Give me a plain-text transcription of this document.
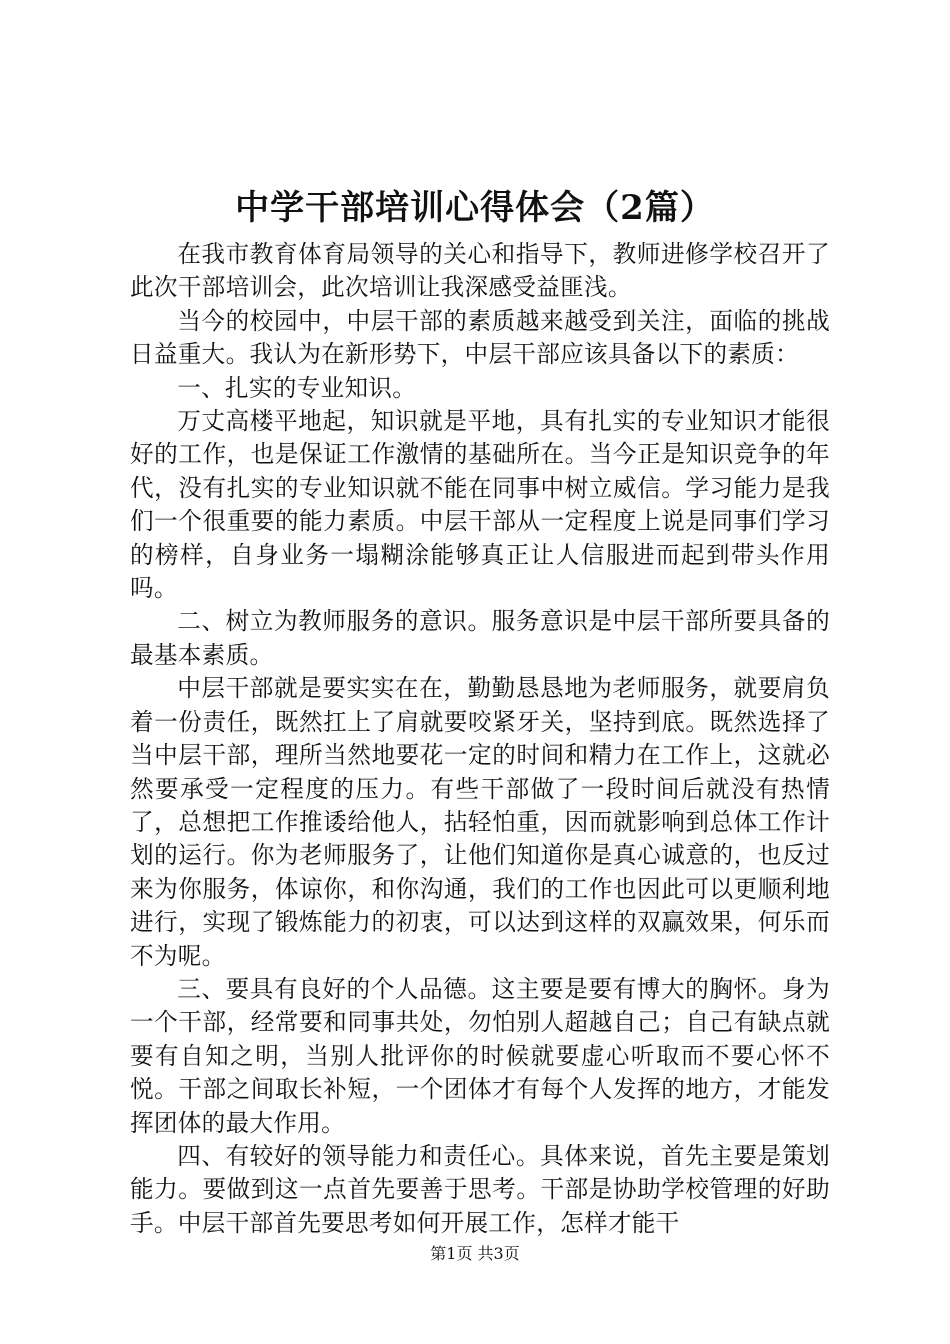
中学干部培训心得体会（2篇）

在我市教育体育局领导的关心和指导下，教师进修学校召开了此次干部培训会，此次培训让我深感受益匪浅。

当今的校园中，中层干部的素质越来越受到关注，面临的挑战日益重大。我认为在新形势下，中层干部应该具备以下的素质：

一、扎实的专业知识。

万丈高楼平地起，知识就是平地，具有扎实的专业知识才能很好的工作，也是保证工作激情的基础所在。当今正是知识竞争的年代，没有扎实的专业知识就不能在同事中树立威信。学习能力是我们一个很重要的能力素质。中层干部从一定程度上说是同事们学习的榜样，自身业务一塌糊涂能够真正让人信服进而起到带头作用吗。

二、树立为教师服务的意识。服务意识是中层干部所要具备的最基本素质。

中层干部就是要实实在在，勤勤恳恳地为老师服务，就要肩负着一份责任，既然扛上了肩就要咬紧牙关，坚持到底。既然选择了当中层干部，理所当然地要花一定的时间和精力在工作上，这就必然要承受一定程度的压力。有些干部做了一段时间后就没有热情了，总想把工作推诿给他人，拈轻怕重，因而就影响到总体工作计划的运行。你为老师服务了，让他们知道你是真心诚意的，也反过来为你服务，体谅你，和你沟通，我们的工作也因此可以更顺利地进行，实现了锻炼能力的初衷，可以达到这样的双赢效果，何乐而不为呢。

三、要具有良好的个人品德。这主要是要有博大的胸怀。身为一个干部，经常要和同事共处，勿怕别人超越自己；自己有缺点就要有自知之明，当别人批评你的时候就要虚心听取而不要心怀不悦。干部之间取长补短，一个团体才有每个人发挥的地方，才能发挥团体的最大作用。

四、有较好的领导能力和责任心。具体来说，首先主要是策划能力。要做到这一点首先要善于思考。干部是协助学校管理的好助手。中层干部首先要思考如何开展工作，怎样才能干

第1页 共3页
